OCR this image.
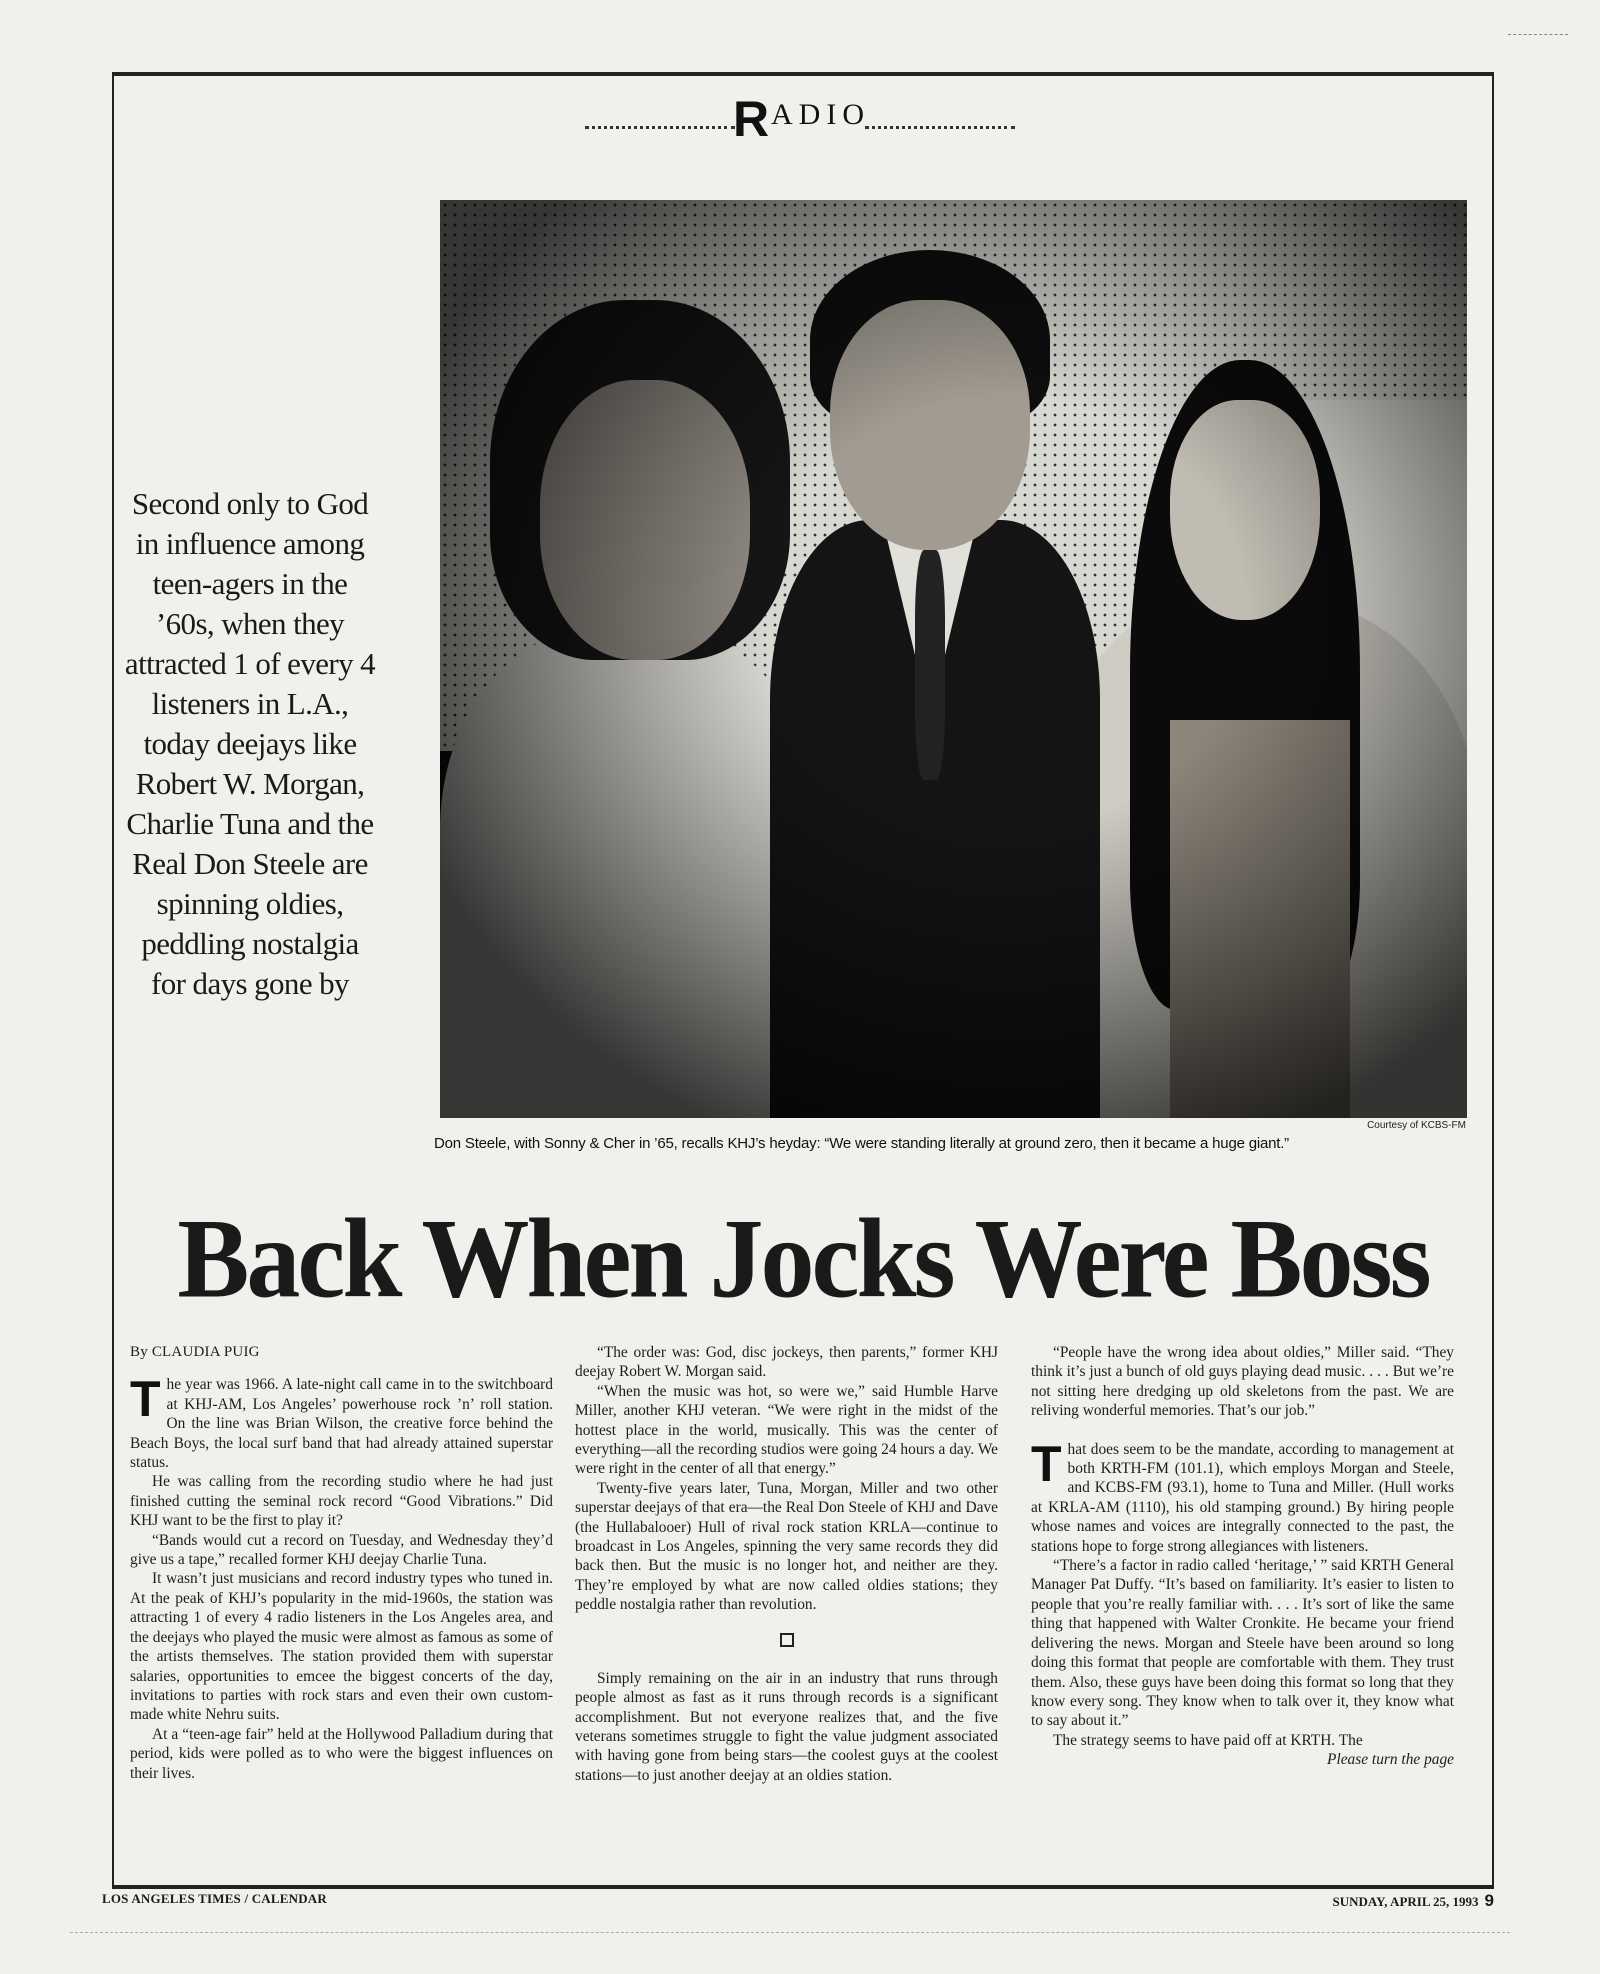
R ADIO
Second only to God in influence among teen-agers in the ’60s, when they attracted 1 of every 4 listeners in L.A., today deejays like Robert W. Morgan, Charlie Tuna and the Real Don Steele are spinning oldies, peddling nostalgia for days gone by
Courtesy of KCBS-FM
Don Steele, with Sonny & Cher in ’65, recalls KHJ’s heyday: “We were standing literally at ground zero, then it became a huge giant.”
Back When Jocks Were Boss
By CLAUDIA PUIG

The year was 1966. A late-night call came in to the switchboard at KHJ-AM, Los Angeles’ powerhouse rock ’n’ roll station. On the line was Brian Wilson, the creative force behind the Beach Boys, the local surf band that had already attained superstar status.

He was calling from the recording studio where he had just finished cutting the seminal rock record “Good Vibrations.” Did KHJ want to be the first to play it?

“Bands would cut a record on Tuesday, and Wednesday they’d give us a tape,” recalled former KHJ deejay Charlie Tuna.

It wasn’t just musicians and record industry types who tuned in. At the peak of KHJ’s popularity in the mid-1960s, the station was attracting 1 of every 4 radio listeners in the Los Angeles area, and the deejays who played the music were almost as famous as some of the artists themselves. The station provided them with superstar salaries, opportunities to emcee the biggest concerts of the day, invitations to parties with rock stars and even their own custom-made white Nehru suits.

At a “teen-age fair” held at the Hollywood Palladium during that period, kids were polled as to who were the biggest influences on their lives.

“The order was: God, disc jockeys, then parents,” former KHJ deejay Robert W. Morgan said.

“When the music was hot, so were we,” said Humble Harve Miller, another KHJ veteran. “We were right in the midst of the hottest place in the world, musically. This was the center of everything—all the recording studios were going 24 hours a day. We were right in the center of all that energy.”

Twenty-five years later, Tuna, Morgan, Miller and two other superstar deejays of that era—the Real Don Steele of KHJ and Dave (the Hullabalooer) Hull of rival rock station KRLA—continue to broadcast in Los Angeles, spinning the very same records they did back then. But the music is no longer hot, and neither are they. They’re employed by what are now called oldies stations; they peddle nostalgia rather than revolution.

Simply remaining on the air in an industry that runs through people almost as fast as it runs through records is a significant accomplishment. But not everyone realizes that, and the five veterans sometimes struggle to fight the value judgment associated with having gone from being stars—the coolest guys at the coolest stations—to just another deejay at an oldies station.

“People have the wrong idea about oldies,” Miller said. “They think it’s just a bunch of old guys playing dead music. . . . But we’re not sitting here dredging up old skeletons from the past. We are reliving wonderful memories. That’s our job.”

That does seem to be the mandate, according to management at both KRTH-FM (101.1), which employs Morgan and Steele, and KCBS-FM (93.1), home to Tuna and Miller. (Hull works at KRLA-AM (1110), his old stamping ground.) By hiring people whose names and voices are integrally connected to the past, the stations hope to forge strong allegiances with listeners.

“There’s a factor in radio called ‘heritage,’ ” said KRTH General Manager Pat Duffy. “It’s based on familiarity. It’s easier to listen to people that you’re really familiar with. . . . It’s sort of like the same thing that happened with Walter Cronkite. He became your friend delivering the news. Morgan and Steele have been around so long doing this format that people are comfortable with them. They trust them. Also, these guys have been doing this format so long that they know every song. They know when to talk over it, they know what to say about it.”

The strategy seems to have paid off at KRTH. The

Please turn the page
LOS ANGELES TIMES / CALENDAR	SUNDAY, APRIL 25, 1993 9
